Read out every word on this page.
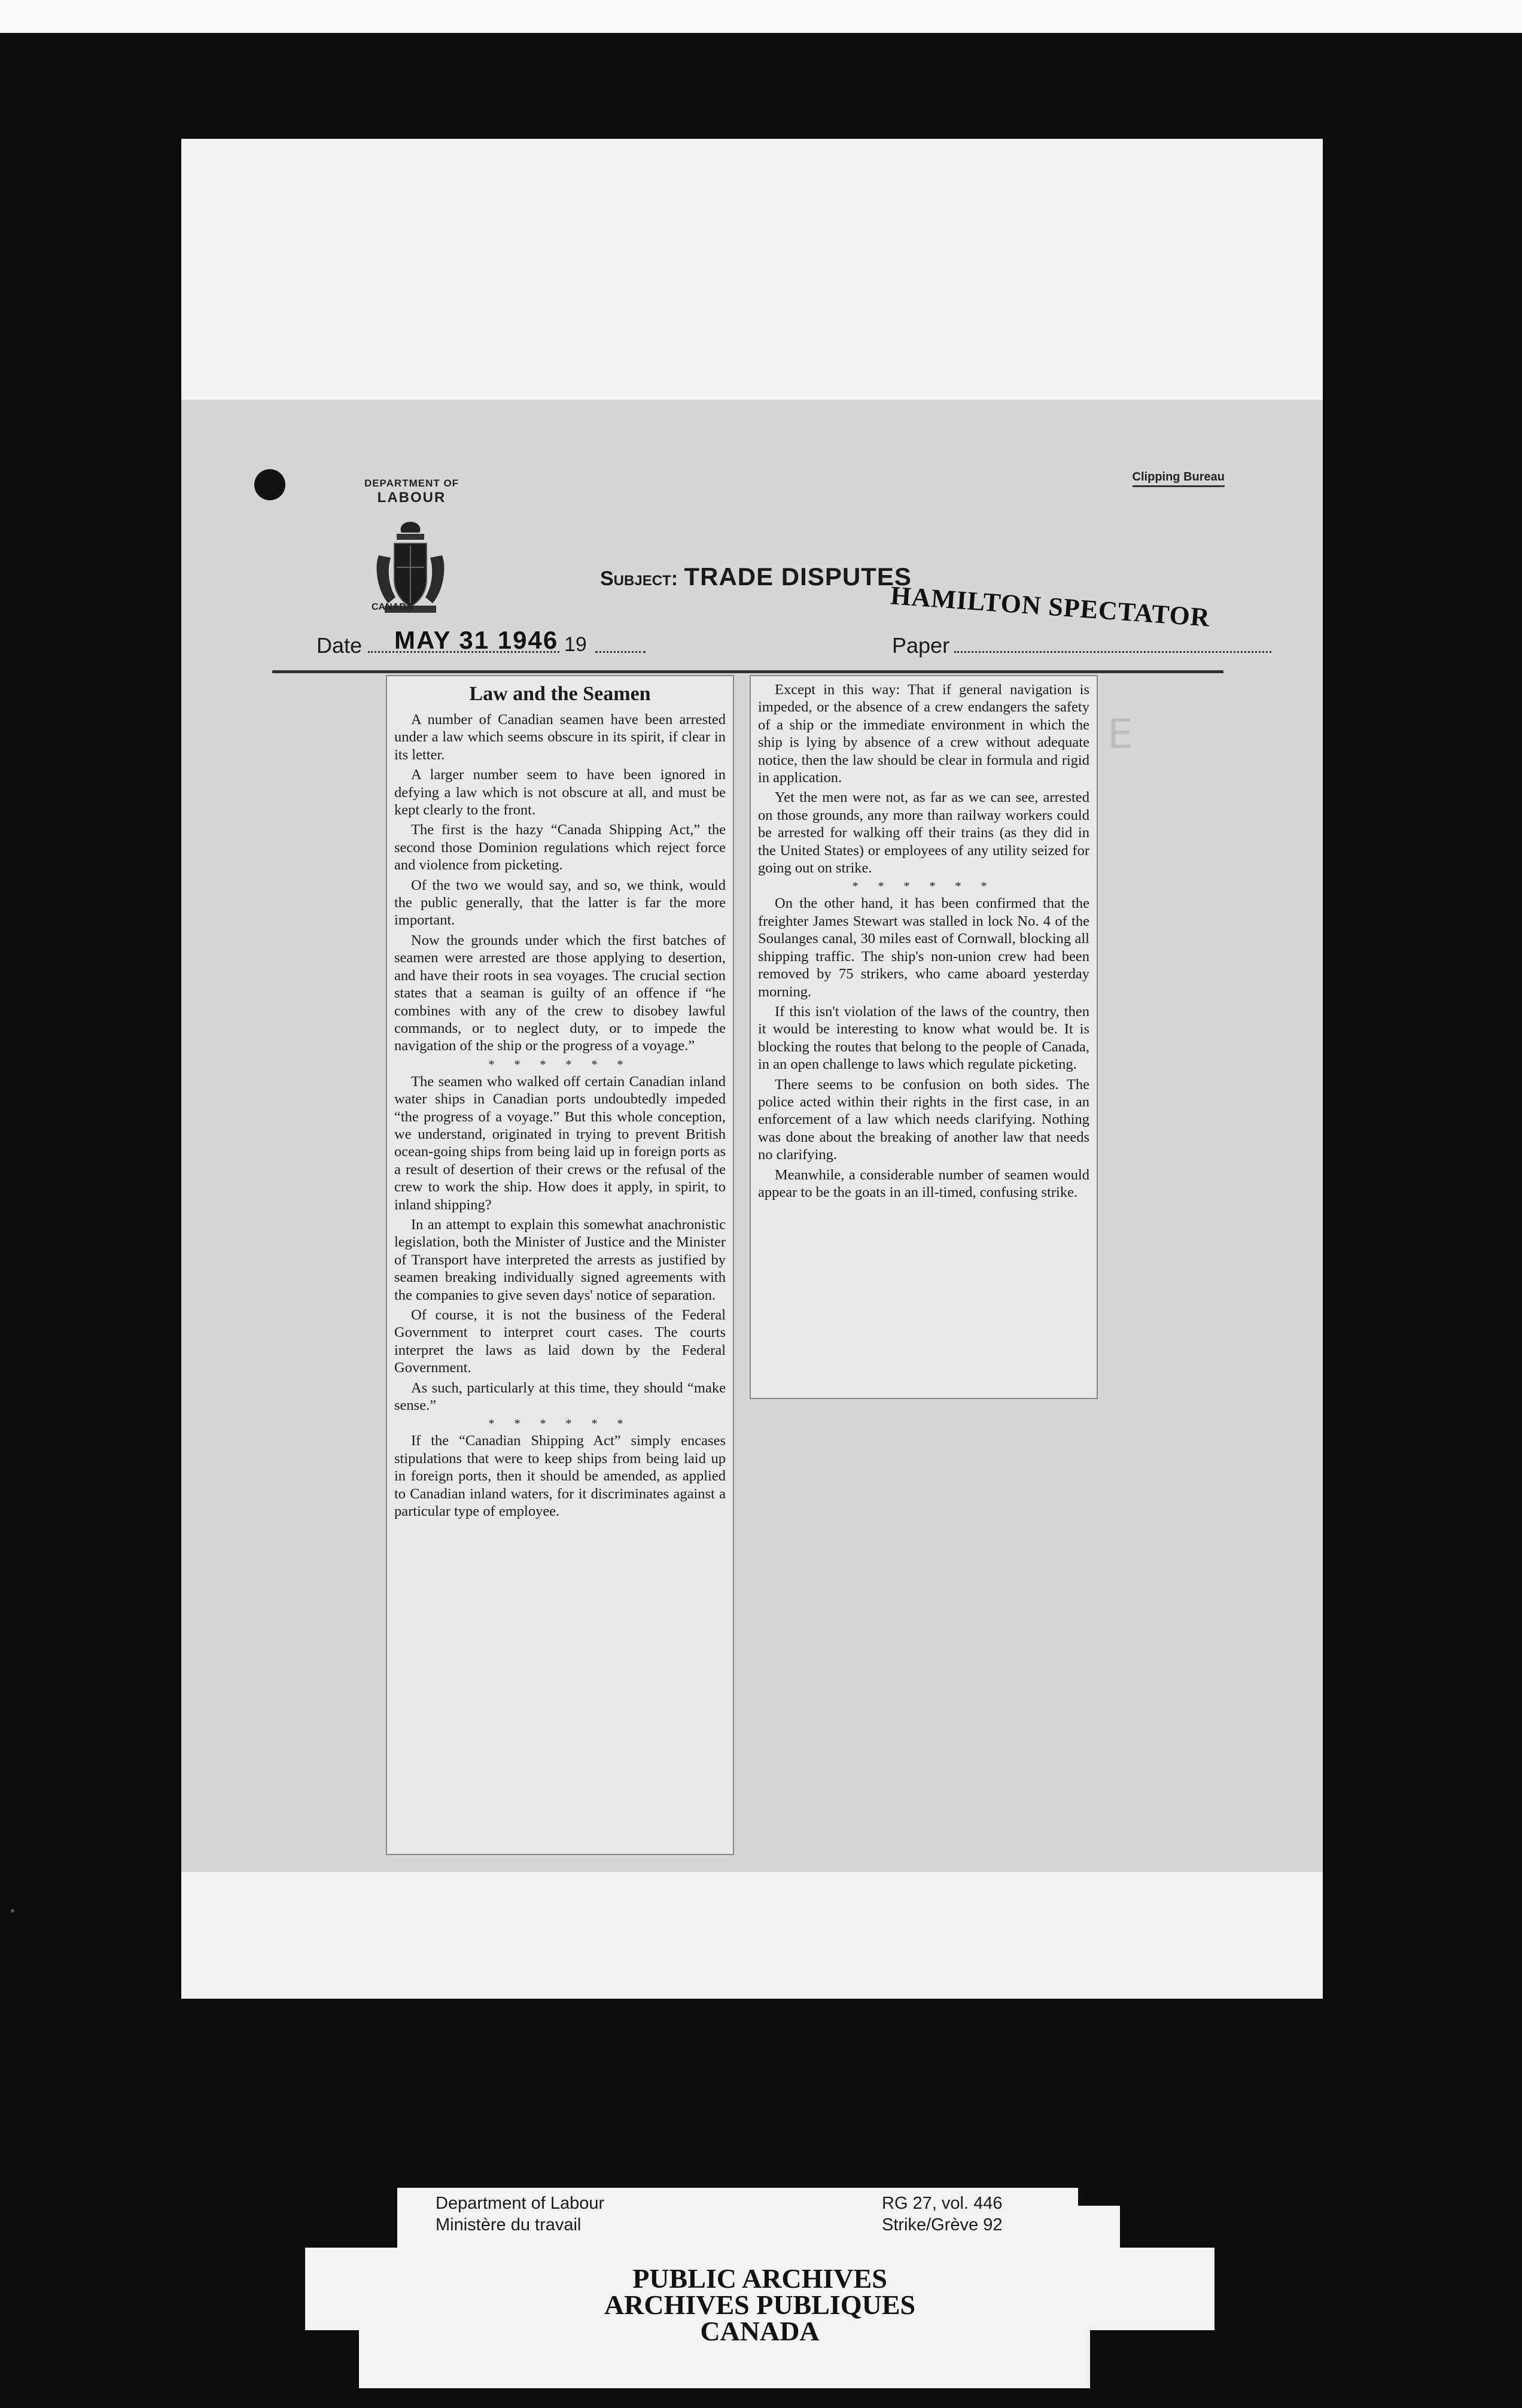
DEPARTMENT OF
LABOUR
CANADA
Clipping Bureau
Subject: TRADE DISPUTES
HAMILTON SPECTATOR
Date MAY 31 1946 19	Paper
Law and the Seamen

A number of Canadian seamen have been arrested under a law which seems obscure in its spirit, if clear in its letter.

A larger number seem to have been ignored in defying a law which is not obscure at all, and must be kept clearly to the front.

The first is the hazy “Canada Shipping Act,” the second those Dominion regulations which reject force and violence from picketing.

Of the two we would say, and so, we think, would the public generally, that the latter is far the more important.

Now the grounds under which the first batches of seamen were arrested are those applying to desertion, and have their roots in sea voyages. The crucial section states that a seaman is guilty of an offence if “he combines with any of the crew to disobey lawful commands, or to neglect duty, or to impede the navigation of the ship or the progress of a voyage.”

* * * * * *

The seamen who walked off certain Canadian inland water ships in Canadian ports undoubtedly impeded “the progress of a voyage.” But this whole conception, we understand, originated in trying to prevent British ocean-going ships from being laid up in foreign ports as a result of desertion of their crews or the refusal of the crew to work the ship. How does it apply, in spirit, to inland shipping?

In an attempt to explain this somewhat anachronistic legislation, both the Minister of Justice and the Minister of Transport have interpreted the arrests as justified by seamen breaking individually signed agreements with the companies to give seven days' notice of separation.

Of course, it is not the business of the Federal Government to interpret court cases. The courts interpret the laws as laid down by the Federal Government.

As such, particularly at this time, they should “make sense.”

* * * * * *

If the “Canadian Shipping Act” simply encases stipulations that were to keep ships from being laid up in foreign ports, then it should be amended, as applied to Canadian inland waters, for it discriminates against a particular type of employee.

Except in this way: That if general navigation is impeded, or the absence of a crew endangers the safety of a ship or the immediate environment in which the ship is lying by absence of a crew without adequate notice, then the law should be clear in formula and rigid in application.

Yet the men were not, as far as we can see, arrested on those grounds, any more than railway workers could be arrested for walking off their trains (as they did in the United States) or employees of any utility seized for going out on strike.

* * * * * *

On the other hand, it has been confirmed that the freighter James Stewart was stalled in lock No. 4 of the Soulanges canal, 30 miles east of Cornwall, blocking all shipping traffic. The ship's non-union crew had been removed by 75 strikers, who came aboard yesterday morning.

If this isn't violation of the laws of the country, then it would be interesting to know what would be. It is blocking the routes that belong to the people of Canada, in an open challenge to laws which regulate picketing.

There seems to be confusion on both sides. The police acted within their rights in the first case, in an enforcement of a law which needs clarifying. Nothing was done about the breaking of another law that needs no clarifying.

Meanwhile, a considerable number of seamen would appear to be the goats in an ill-timed, confusing strike.

E
Department of Labour
Ministère du travail
RG 27, vol. 446
Strike/Grève 92
PUBLIC ARCHIVES
ARCHIVES PUBLIQUES
CANADA
